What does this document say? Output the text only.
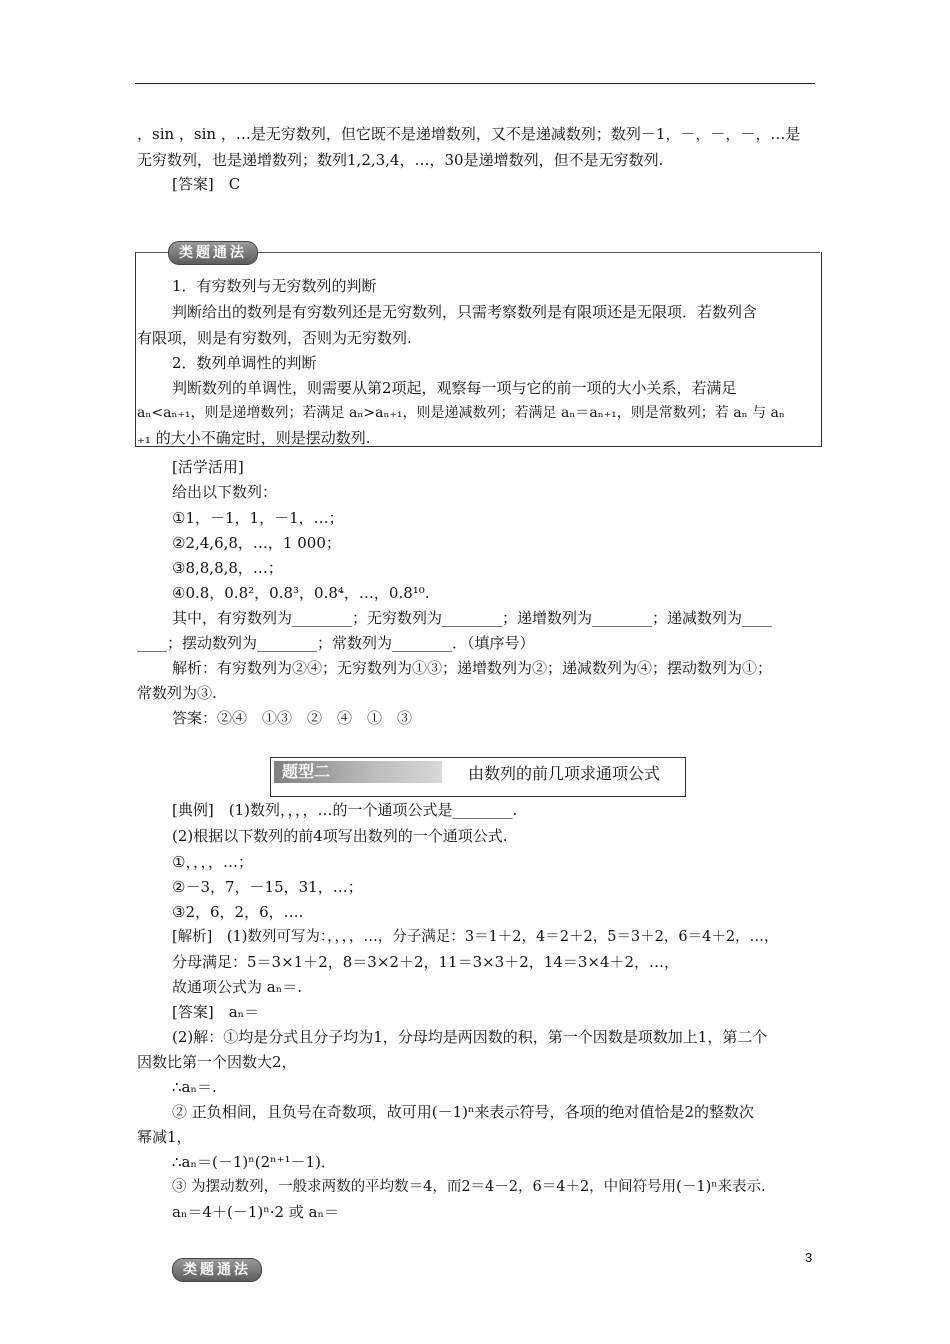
，sin ，sin ，…是无穷数列，但它既不是递增数列，又不是递减数列；数列－1，－，－，－，…是
无穷数列，也是递增数列；数列1,2,3,4，…，30是递增数列，但不是无穷数列.
[答案]　C
类题通法
1．有穷数列与无穷数列的判断
判断给出的数列是有穷数列还是无穷数列，只需考察数列是有限项还是无限项．若数列含
有限项，则是有穷数列，否则为无穷数列.
2．数列单调性的判断
判断数列的单调性，则需要从第2项起，观察每一项与它的前一项的大小关系，若满足
aₙ<aₙ₊₁，则是递增数列；若满足 aₙ>aₙ₊₁，则是递减数列；若满足 aₙ＝aₙ₊₁，则是常数列；若 aₙ 与 aₙ
₊₁ 的大小不确定时，则是摆动数列.
[活学活用]
给出以下数列：
①1，－1，1，－1，…；
②2,4,6,8，…，1 000；
③8,8,8,8，…；
④0.8，0.8²，0.8³，0.8⁴，…，0.8¹⁰.
其中，有穷数列为________；无穷数列为________；递增数列为________；递减数列为____
____；摆动数列为________；常数列为________．（填序号）
解析：有穷数列为②④；无穷数列为①③；递增数列为②；递减数列为④；摆动数列为①；
常数列为③.
答案：②④　①③　②　④　①　③
题型二	由数列的前几项求通项公式
[典例]　(1)数列，，，，…的一个通项公式是________.
(2)根据以下数列的前4项写出数列的一个通项公式.
①，，，，…；
②－3，7，－15，31，…；
③2，6，2，6，….
[解析]　(1)数列可写为：，，，，…，分子满足：3＝1＋2，4＝2＋2，5＝3＋2，6＝4＋2，…，
分母满足：5＝3×1＋2，8＝3×2＋2，11＝3×3＋2，14＝3×4＋2，…，
故通项公式为 aₙ＝.
[答案]　aₙ＝
(2)解：①均是分式且分子均为1，分母均是两因数的积，第一个因数是项数加上1，第二个
因数比第一个因数大2，
∴aₙ＝.
② 正负相间，且负号在奇数项，故可用(－1)ⁿ来表示符号，各项的绝对值恰是2的整数次
幂减1，
∴aₙ＝(－1)ⁿ(2ⁿ⁺¹－1)．
③ 为摆动数列，一般求两数的平均数＝4，而2＝4－2，6＝4＋2，中间符号用(－1)ⁿ来表示.
aₙ＝4＋(－1)ⁿ·2 或 aₙ＝
类题通法
3
